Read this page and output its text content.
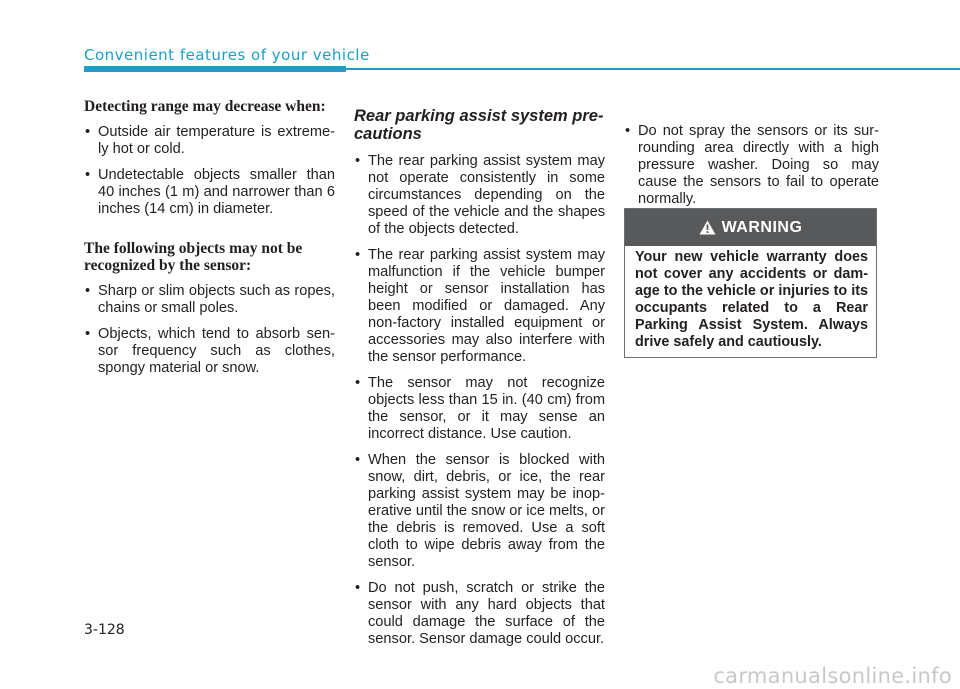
Convenient features of your vehicle
Detecting range may decrease when:
• Outside air temperature is extreme-ly hot or cold.
• Undetectable objects smaller than 40 inches (1 m) and narrower than 6 inches (14 cm) in diameter.
The following objects may not be recognized by the sensor:
• Sharp or slim objects such as ropes, chains or small poles.
• Objects, which tend to absorb sen-sor frequency such as clothes, spongy material or snow.
Rear parking assist system pre-cautions
• The rear parking assist system may not operate consistently in some circumstances depending on the speed of the vehicle and the shapes of the objects detected.
• The rear parking assist system may malfunction if the vehicle bumper height or sensor installation has been modified or damaged. Any non-factory installed equipment or accessories may also interfere with the sensor performance.
• The sensor may not recognize objects less than 15 in. (40 cm) from the sensor, or it may sense an incorrect distance. Use caution.
• When the sensor is blocked with snow, dirt, debris, or ice, the rear parking assist system may be inop-erative until the snow or ice melts, or the debris is removed. Use a soft cloth to wipe debris away from the sensor.
• Do not push, scratch or strike the sensor with any hard objects that could damage the surface of the sensor. Sensor damage could occur.
• Do not spray the sensors or its sur-rounding area directly with a high pressure washer. Doing so may cause the sensors to fail to operate normally.
WARNING
Your new vehicle warranty does not cover any accidents or dam-age to the vehicle or injuries to its occupants related to a Rear Parking Assist System. Always drive safely and cautiously.
3-128
carmanualsonline.info
